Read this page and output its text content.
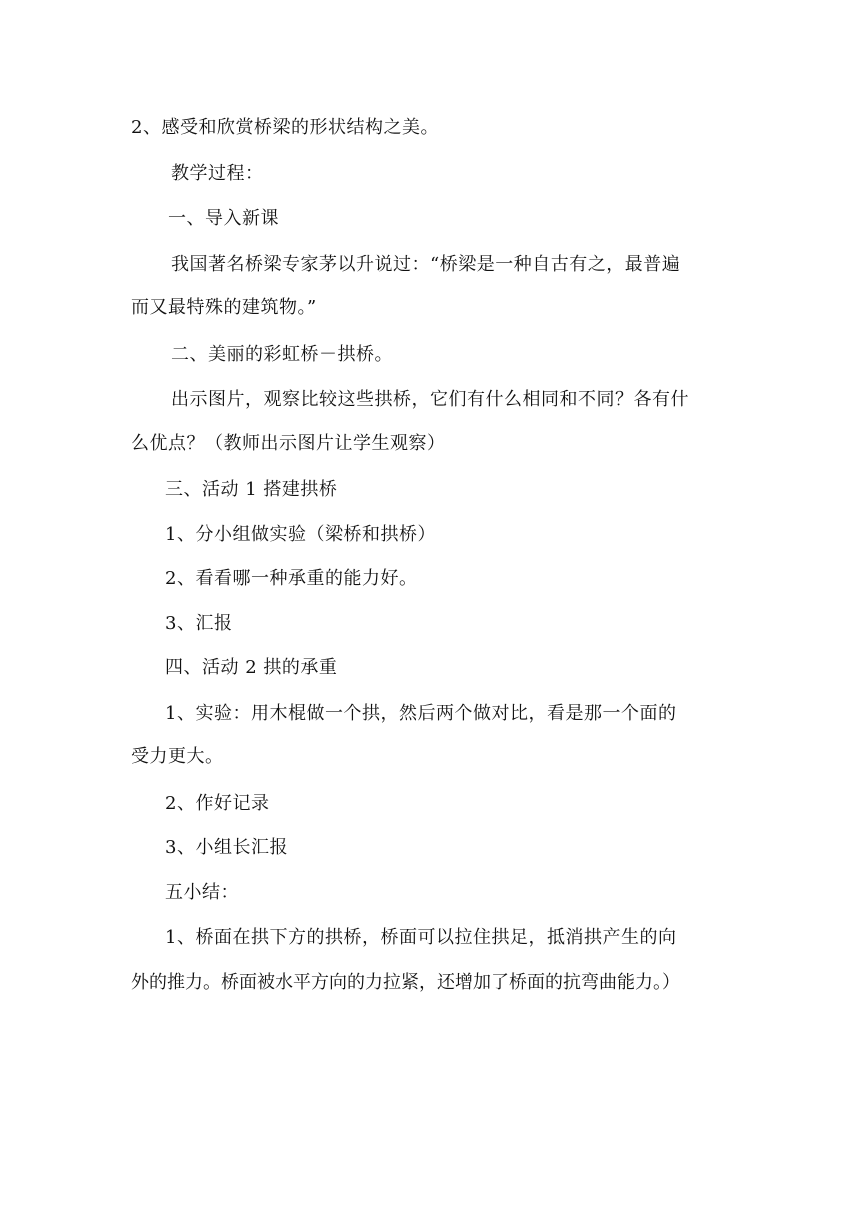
2、感受和欣赏桥梁的形状结构之美。
教学过程：
一、导入新课
我国著名桥梁专家茅以升说过：“桥梁是一种自古有之，最普遍
而又最特殊的建筑物。”
二、美丽的彩虹桥－拱桥。
出示图片，观察比较这些拱桥，它们有什么相同和不同？各有什
么优点？（教师出示图片让学生观察）
三、活动 1 搭建拱桥
1、分小组做实验（梁桥和拱桥）
2、看看哪一种承重的能力好。
3、汇报
四、活动 2 拱的承重
1、实验：用木棍做一个拱，然后两个做对比，看是那一个面的
受力更大。
2、作好记录
3、小组长汇报
五小结：
1、桥面在拱下方的拱桥，桥面可以拉住拱足，抵消拱产生的向
外的推力。桥面被水平方向的力拉紧，还增加了桥面的抗弯曲能力。）
